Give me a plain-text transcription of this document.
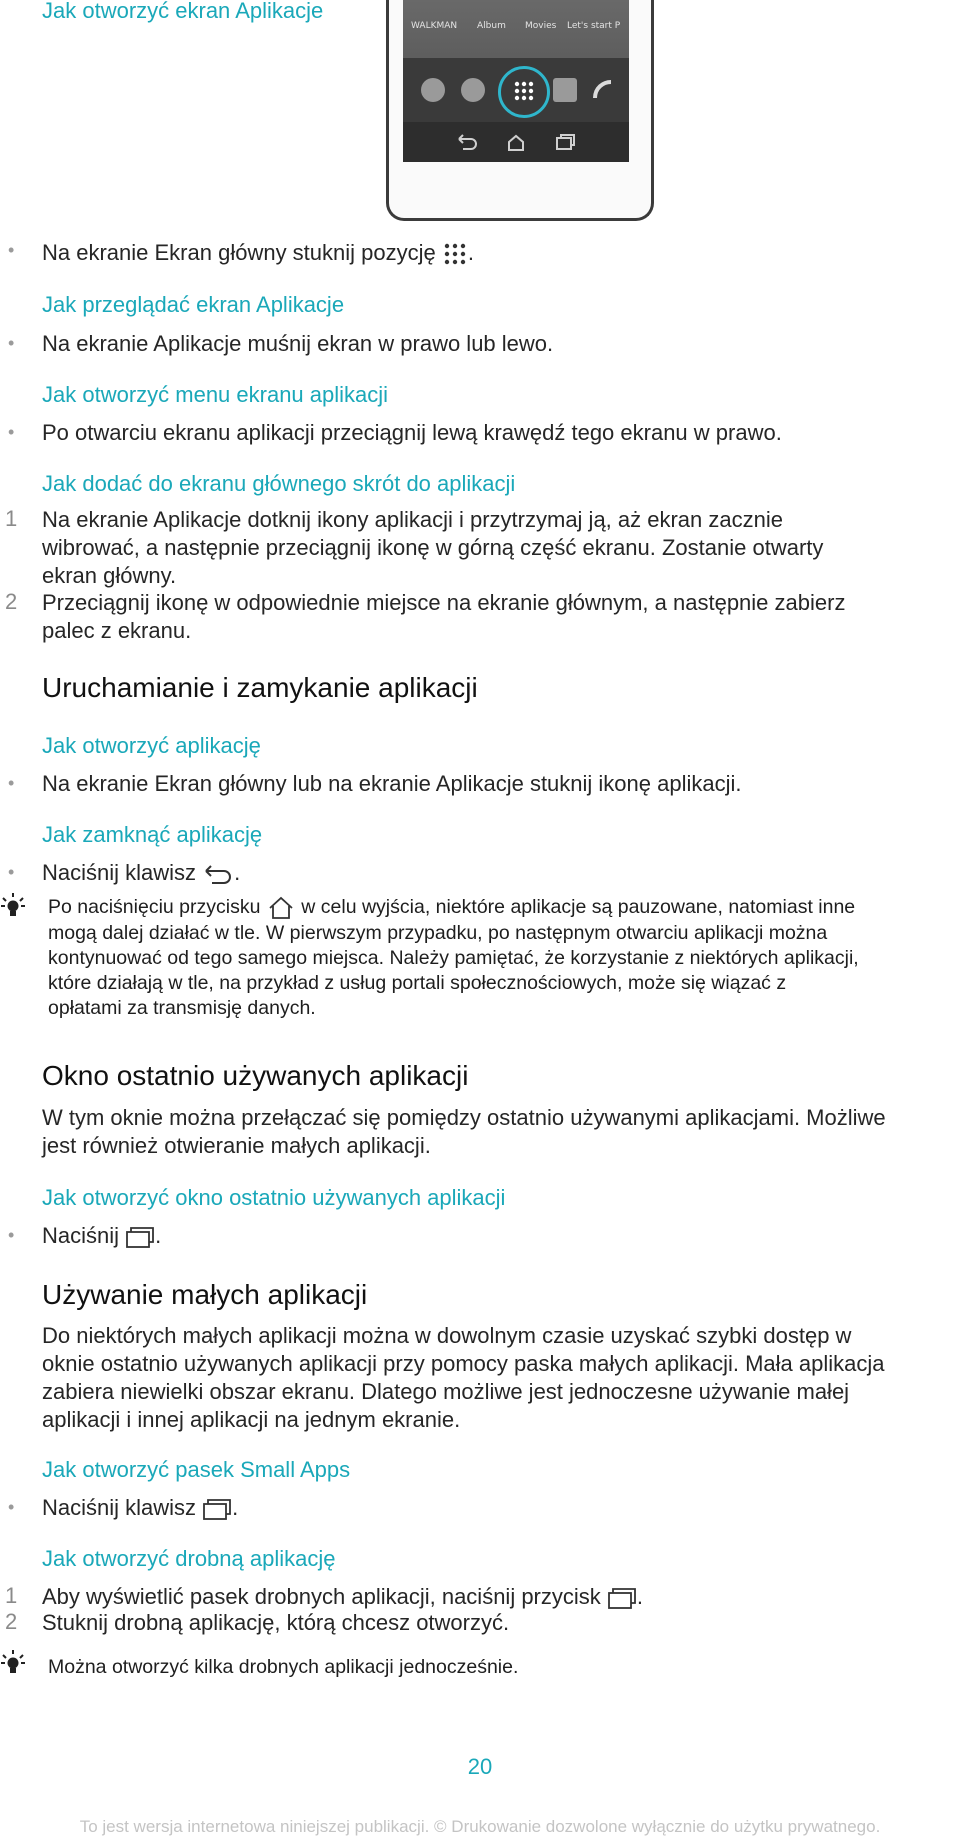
Jak otworzyć ekran Aplikacje
WALKMAN Album Movies Let's start P
• Na ekranie Ekran główny stuknij pozycję .
Jak przeglądać ekran Aplikacje
• Na ekranie Aplikacje muśnij ekran w prawo lub lewo.
Jak otworzyć menu ekranu aplikacji
• Po otwarciu ekranu aplikacji przeciągnij lewą krawędź tego ekranu w prawo.
Jak dodać do ekranu głównego skrót do aplikacji
1 Na ekranie Aplikacje dotknij ikony aplikacji i przytrzymaj ją, aż ekran zacznie
wibrować, a następnie przeciągnij ikonę w górną część ekranu. Zostanie otwarty
ekran główny.
2 Przeciągnij ikonę w odpowiednie miejsce na ekranie głównym, a następnie zabierz
palec z ekranu.
Uruchamianie i zamykanie aplikacji
Jak otworzyć aplikację
• Na ekranie Ekran główny lub na ekranie Aplikacje stuknij ikonę aplikacji.
Jak zamknąć aplikację
• Naciśnij klawisz .
Po naciśnięciu przycisku w celu wyjścia, niektóre aplikacje są pauzowane, natomiast inne
mogą dalej działać w tle. W pierwszym przypadku, po następnym otwarciu aplikacji można
kontynuować od tego samego miejsca. Należy pamiętać, że korzystanie z niektórych aplikacji,
które działają w tle, na przykład z usług portali społecznościowych, może się wiązać z
opłatami za transmisję danych.
Okno ostatnio używanych aplikacji
W tym oknie można przełączać się pomiędzy ostatnio używanymi aplikacjami. Możliwe
jest również otwieranie małych aplikacji.
Jak otworzyć okno ostatnio używanych aplikacji
• Naciśnij .
Używanie małych aplikacji
Do niektórych małych aplikacji można w dowolnym czasie uzyskać szybki dostęp w
oknie ostatnio używanych aplikacji przy pomocy paska małych aplikacji. Mała aplikacja
zabiera niewielki obszar ekranu. Dlatego możliwe jest jednoczesne używanie małej
aplikacji i innej aplikacji na jednym ekranie.
Jak otworzyć pasek Small Apps
• Naciśnij klawisz .
Jak otworzyć drobną aplikację
1 Aby wyświetlić pasek drobnych aplikacji, naciśnij przycisk .
2 Stuknij drobną aplikację, którą chcesz otworzyć.
Można otworzyć kilka drobnych aplikacji jednocześnie.
20
To jest wersja internetowa niniejszej publikacji. © Drukowanie dozwolone wyłącznie do użytku prywatnego.
